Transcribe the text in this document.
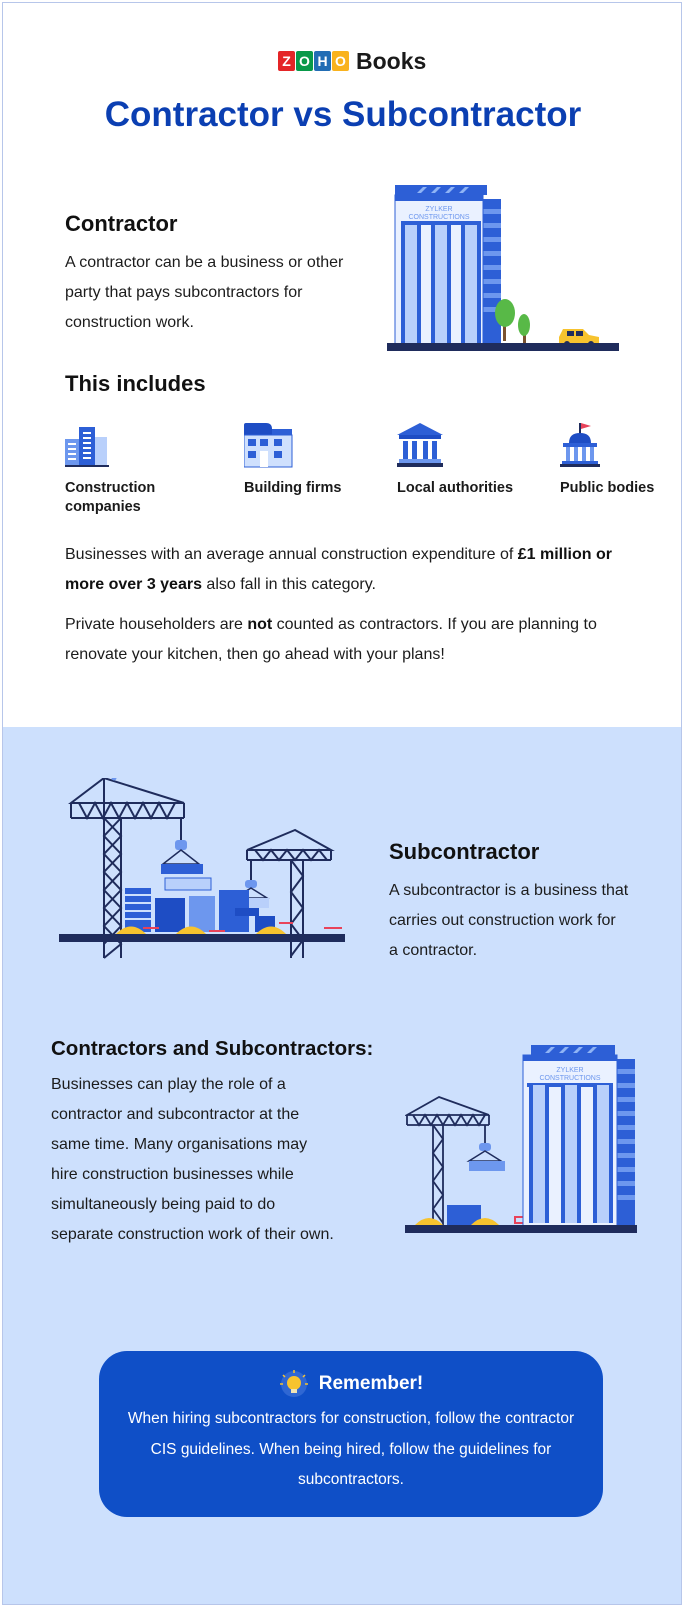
Z O H O Books
Contractor vs Subcontractor
Contractor

A contractor can be a business or other party that pays subcontractors for construction work.

ZYLKER
CONSTRUCTIONS
This includes
Construction companies
Building firms	Local authorities	Public bodies

Businesses with an average annual construction expenditure of £1 million or more over 3 years also fall in this category.

Private householders are not counted as contractors. If you are planning to renovate your kitchen, then go ahead with your plans!

Subcontractor

A subcontractor is a business that carries out construction work for a contractor.

Contractors and Subcontractors:

Businesses can play the role of a contractor and subcontractor at the same time. Many organisations may hire construction businesses while simultaneously being paid to do separate construction work of their own.

ZYLKER
CONSTRUCTIONS
Remember!

When hiring subcontractors for construction, follow the contractor CIS guidelines. When being hired, follow the guidelines for subcontractors.
